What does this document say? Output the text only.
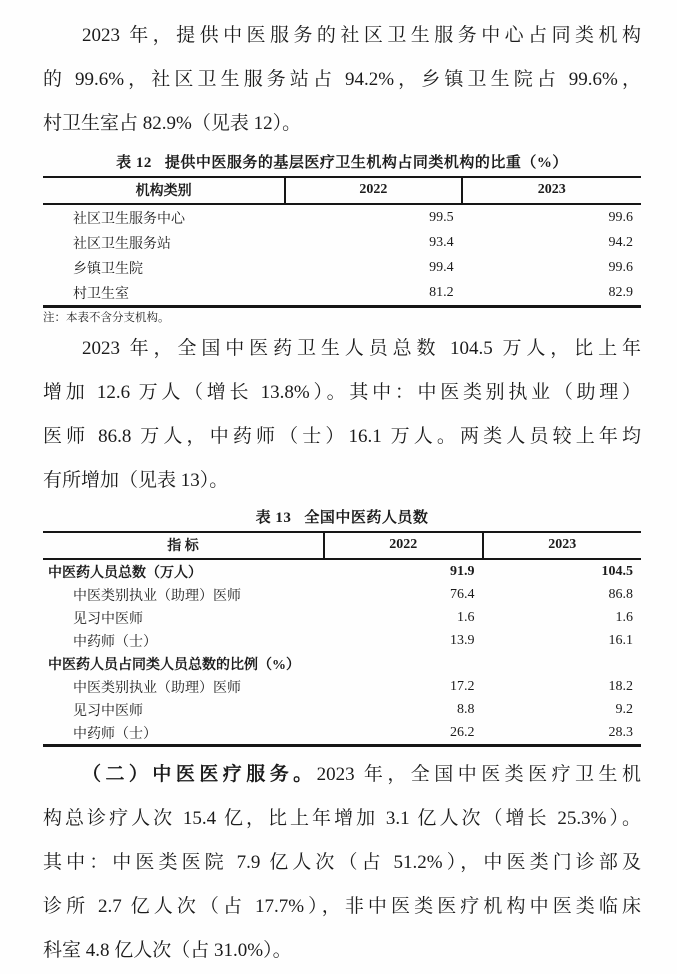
2023 年，提供中医服务的社区卫生服务中心占同类机构
的 99.6%，社区卫生服务站占 94.2%，乡镇卫生院占 99.6%，
村卫生室占 82.9%（见表 12）。
表 12 提供中医服务的基层医疗卫生机构占同类机构的比重（%）
机构类别	2022	2023
社区卫生服务中心	99.5	99.6
社区卫生服务站	93.4	94.2
乡镇卫生院	99.4	99.6
村卫生室	81.2	82.9
注：本表不含分支机构。
2023 年，全国中医药卫生人员总数 104.5 万人，比上年
增加 12.6 万人（增长 13.8%）。其中：中医类别执业（助理）
医师 86.8 万人，中药师（士）16.1 万人。两类人员较上年均
有所增加（见表 13）。
表 13 全国中医药人员数
指 标	2022	2023
中医药人员总数（万人）	91.9	104.5
中医类别执业（助理）医师	76.4	86.8
见习中医师	1.6	1.6
中药师（士）	13.9	16.1
中医药人员占同类人员总数的比例（%）		
中医类别执业（助理）医师	17.2	18.2
见习中医师	8.8	9.2
中药师（士）	26.2	28.3
（二）中医医疗服务。2023 年，全国中医类医疗卫生机
构总诊疗人次 15.4 亿，比上年增加 3.1 亿人次（增长 25.3%）。
其中：中医类医院 7.9 亿人次（占 51.2%），中医类门诊部及
诊所 2.7 亿人次（占 17.7%），非中医类医疗机构中医类临床
科室 4.8 亿人次（占 31.0%）。
